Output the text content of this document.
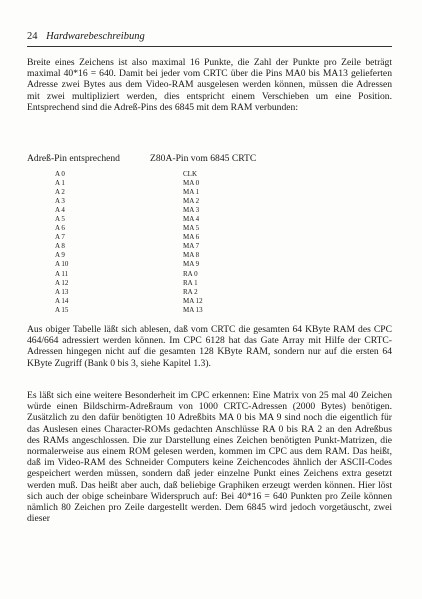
24 Hardwarebeschreibung
Breite eines Zeichens ist also maximal 16 Punkte, die Zahl der Punkte pro Zeile beträgt maximal 40*16 = 640. Damit bei jeder vom CRTC über die Pins MA0 bis MA13 gelieferten Adresse zwei Bytes aus dem Video-RAM ausgelesen werden können, müssen die Adressen mit zwei multipliziert werden, dies entspricht einem Verschieben um eine Position. Entsprechend sind die Adreß-Pins des 6845 mit dem RAM verbunden:
Adreß-Pin entsprechend	Z80A-Pin vom 6845 CRTC
A 0	CLK
A 1	MA 0
A 2	MA 1
A 3	MA 2
A 4	MA 3
A 5	MA 4
A 6	MA 5
A 7	MA 6
A 8	MA 7
A 9	MA 8
A 10	MA 9
A 11	RA 0
A 12	RA 1
A 13	RA 2
A 14	MA 12
A 15	MA 13
Aus obiger Tabelle läßt sich ablesen, daß vom CRTC die gesamten 64 KByte RAM des CPC 464/664 adressiert werden können. Im CPC 6128 hat das Gate Array mit Hilfe der CRTC-Adressen hingegen nicht auf die gesamten 128 KByte RAM, sondern nur auf die ersten 64 KByte Zugriff (Bank 0 bis 3, siehe Kapitel 1.3).
Es läßt sich eine weitere Besonderheit im CPC erkennen: Eine Matrix von 25 mal 40 Zeichen würde einen Bildschirm-Adreßraum von 1000 CRTC-Adressen (2000 Bytes) benötigen. Zusätzlich zu den dafür benötigten 10 Adreßbits MA 0 bis MA 9 sind noch die eigentlich für das Auslesen eines Character-ROMs gedachten Anschlüsse RA 0 bis RA 2 an den Adreßbus des RAMs angeschlossen. Die zur Darstellung eines Zeichen benötigten Punkt-Matrizen, die normalerweise aus einem ROM gelesen werden, kommen im CPC aus dem RAM. Das heißt, daß im Video-RAM des Schneider Computers keine Zeichencodes ähnlich der ASCII-Codes gespeichert werden müssen, sondern daß jeder einzelne Punkt eines Zeichens extra gesetzt werden muß. Das heißt aber auch, daß beliebige Graphiken erzeugt werden können. Hier löst sich auch der obige scheinbare Widerspruch auf: Bei 40*16 = 640 Punkten pro Zeile können nämlich 80 Zeichen pro Zeile dargestellt werden. Dem 6845 wird jedoch vorgetäuscht, zwei dieser
